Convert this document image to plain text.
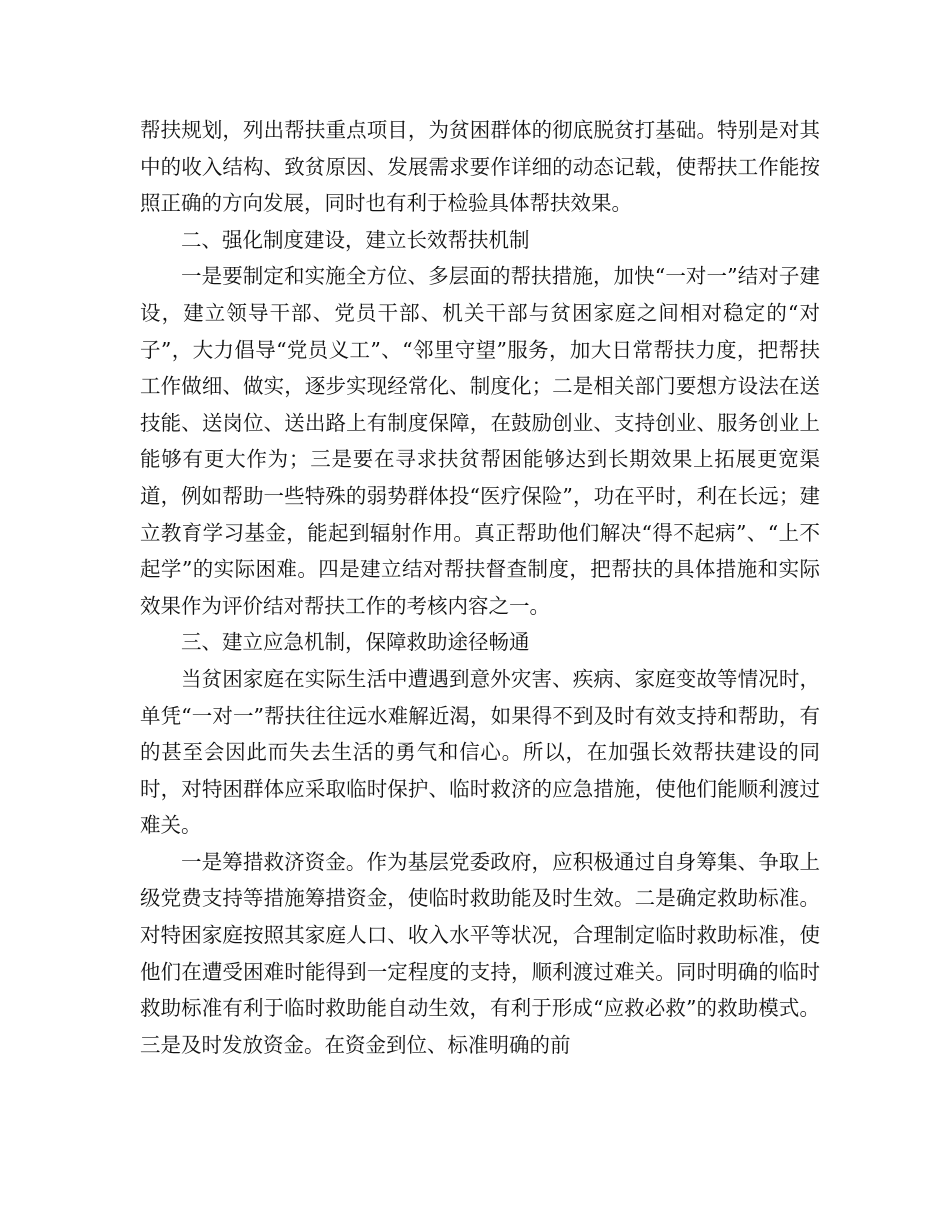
帮扶规划，列出帮扶重点项目，为贫困群体的彻底脱贫打基础。特别是对其中的收入结构、致贫原因、发展需求要作详细的动态记载，使帮扶工作能按照正确的方向发展，同时也有利于检验具体帮扶效果。

二、强化制度建设，建立长效帮扶机制

一是要制定和实施全方位、多层面的帮扶措施，加快“一对一”结对子建设，建立领导干部、党员干部、机关干部与贫困家庭之间相对稳定的“对子”，大力倡导“党员义工”、“邻里守望”服务，加大日常帮扶力度，把帮扶工作做细、做实，逐步实现经常化、制度化；二是相关部门要想方设法在送技能、送岗位、送出路上有制度保障，在鼓励创业、支持创业、服务创业上能够有更大作为；三是要在寻求扶贫帮困能够达到长期效果上拓展更宽渠道，例如帮助一些特殊的弱势群体投“医疗保险”，功在平时，利在长远；建立教育学习基金，能起到辐射作用。真正帮助他们解决“得不起病”、“上不起学”的实际困难。四是建立结对帮扶督查制度，把帮扶的具体措施和实际效果作为评价结对帮扶工作的考核内容之一。

三、建立应急机制，保障救助途径畅通

当贫困家庭在实际生活中遭遇到意外灾害、疾病、家庭变故等情况时，单凭“一对一”帮扶往往远水难解近渴，如果得不到及时有效支持和帮助，有的甚至会因此而失去生活的勇气和信心。所以，在加强长效帮扶建设的同时，对特困群体应采取临时保护、临时救济的应急措施，使他们能顺利渡过难关。

一是筹措救济资金。作为基层党委政府，应积极通过自身筹集、争取上级党费支持等措施筹措资金，使临时救助能及时生效。二是确定救助标准。对特困家庭按照其家庭人口、收入水平等状况，合理制定临时救助标准，使他们在遭受困难时能得到一定程度的支持，顺利渡过难关。同时明确的临时救助标准有利于临时救助能自动生效，有利于形成“应救必救”的救助模式。三是及时发放资金。在资金到位、标准明确的前
